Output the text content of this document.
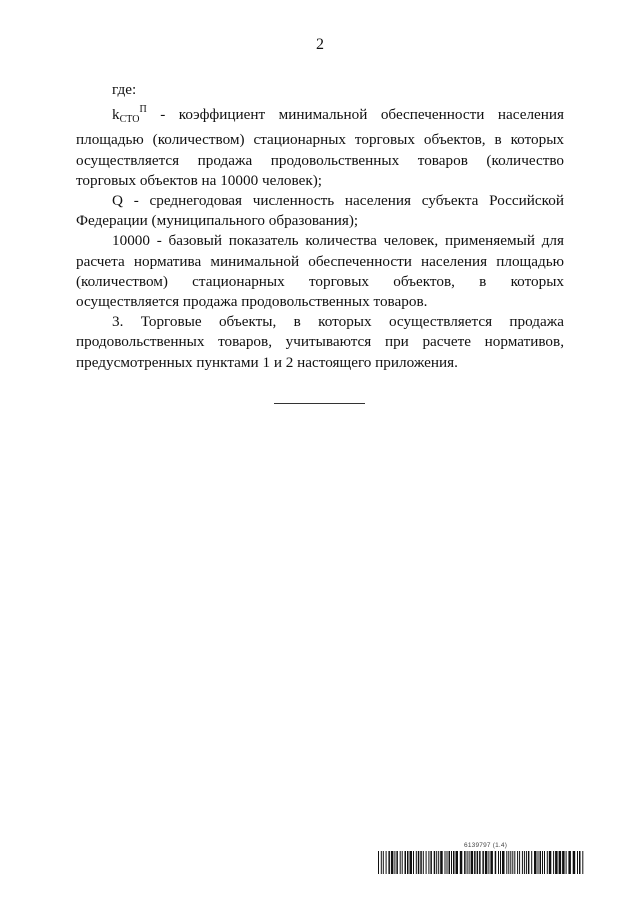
2

где:

$k_{СТО}^П$ - коэффициент минимальной обеспеченности населения площадью (количеством) стационарных торговых объектов, в которых осуществляется продажа продовольственных товаров (количество торговых объектов на 10000 человек);

Q - среднегодовая численность населения субъекта Российской Федерации (муниципального образования);

10000 - базовый показатель количества человек, применяемый для расчета норматива минимальной обеспеченности населения площадью (количеством) стационарных торговых объектов, в которых осуществляется продажа продовольственных товаров.

3. Торговые объекты, в которых осуществляется продажа продовольственных товаров, учитываются при расчете нормативов, предусмотренных пунктами 1 и 2 настоящего приложения.

6139797 (1.4)
